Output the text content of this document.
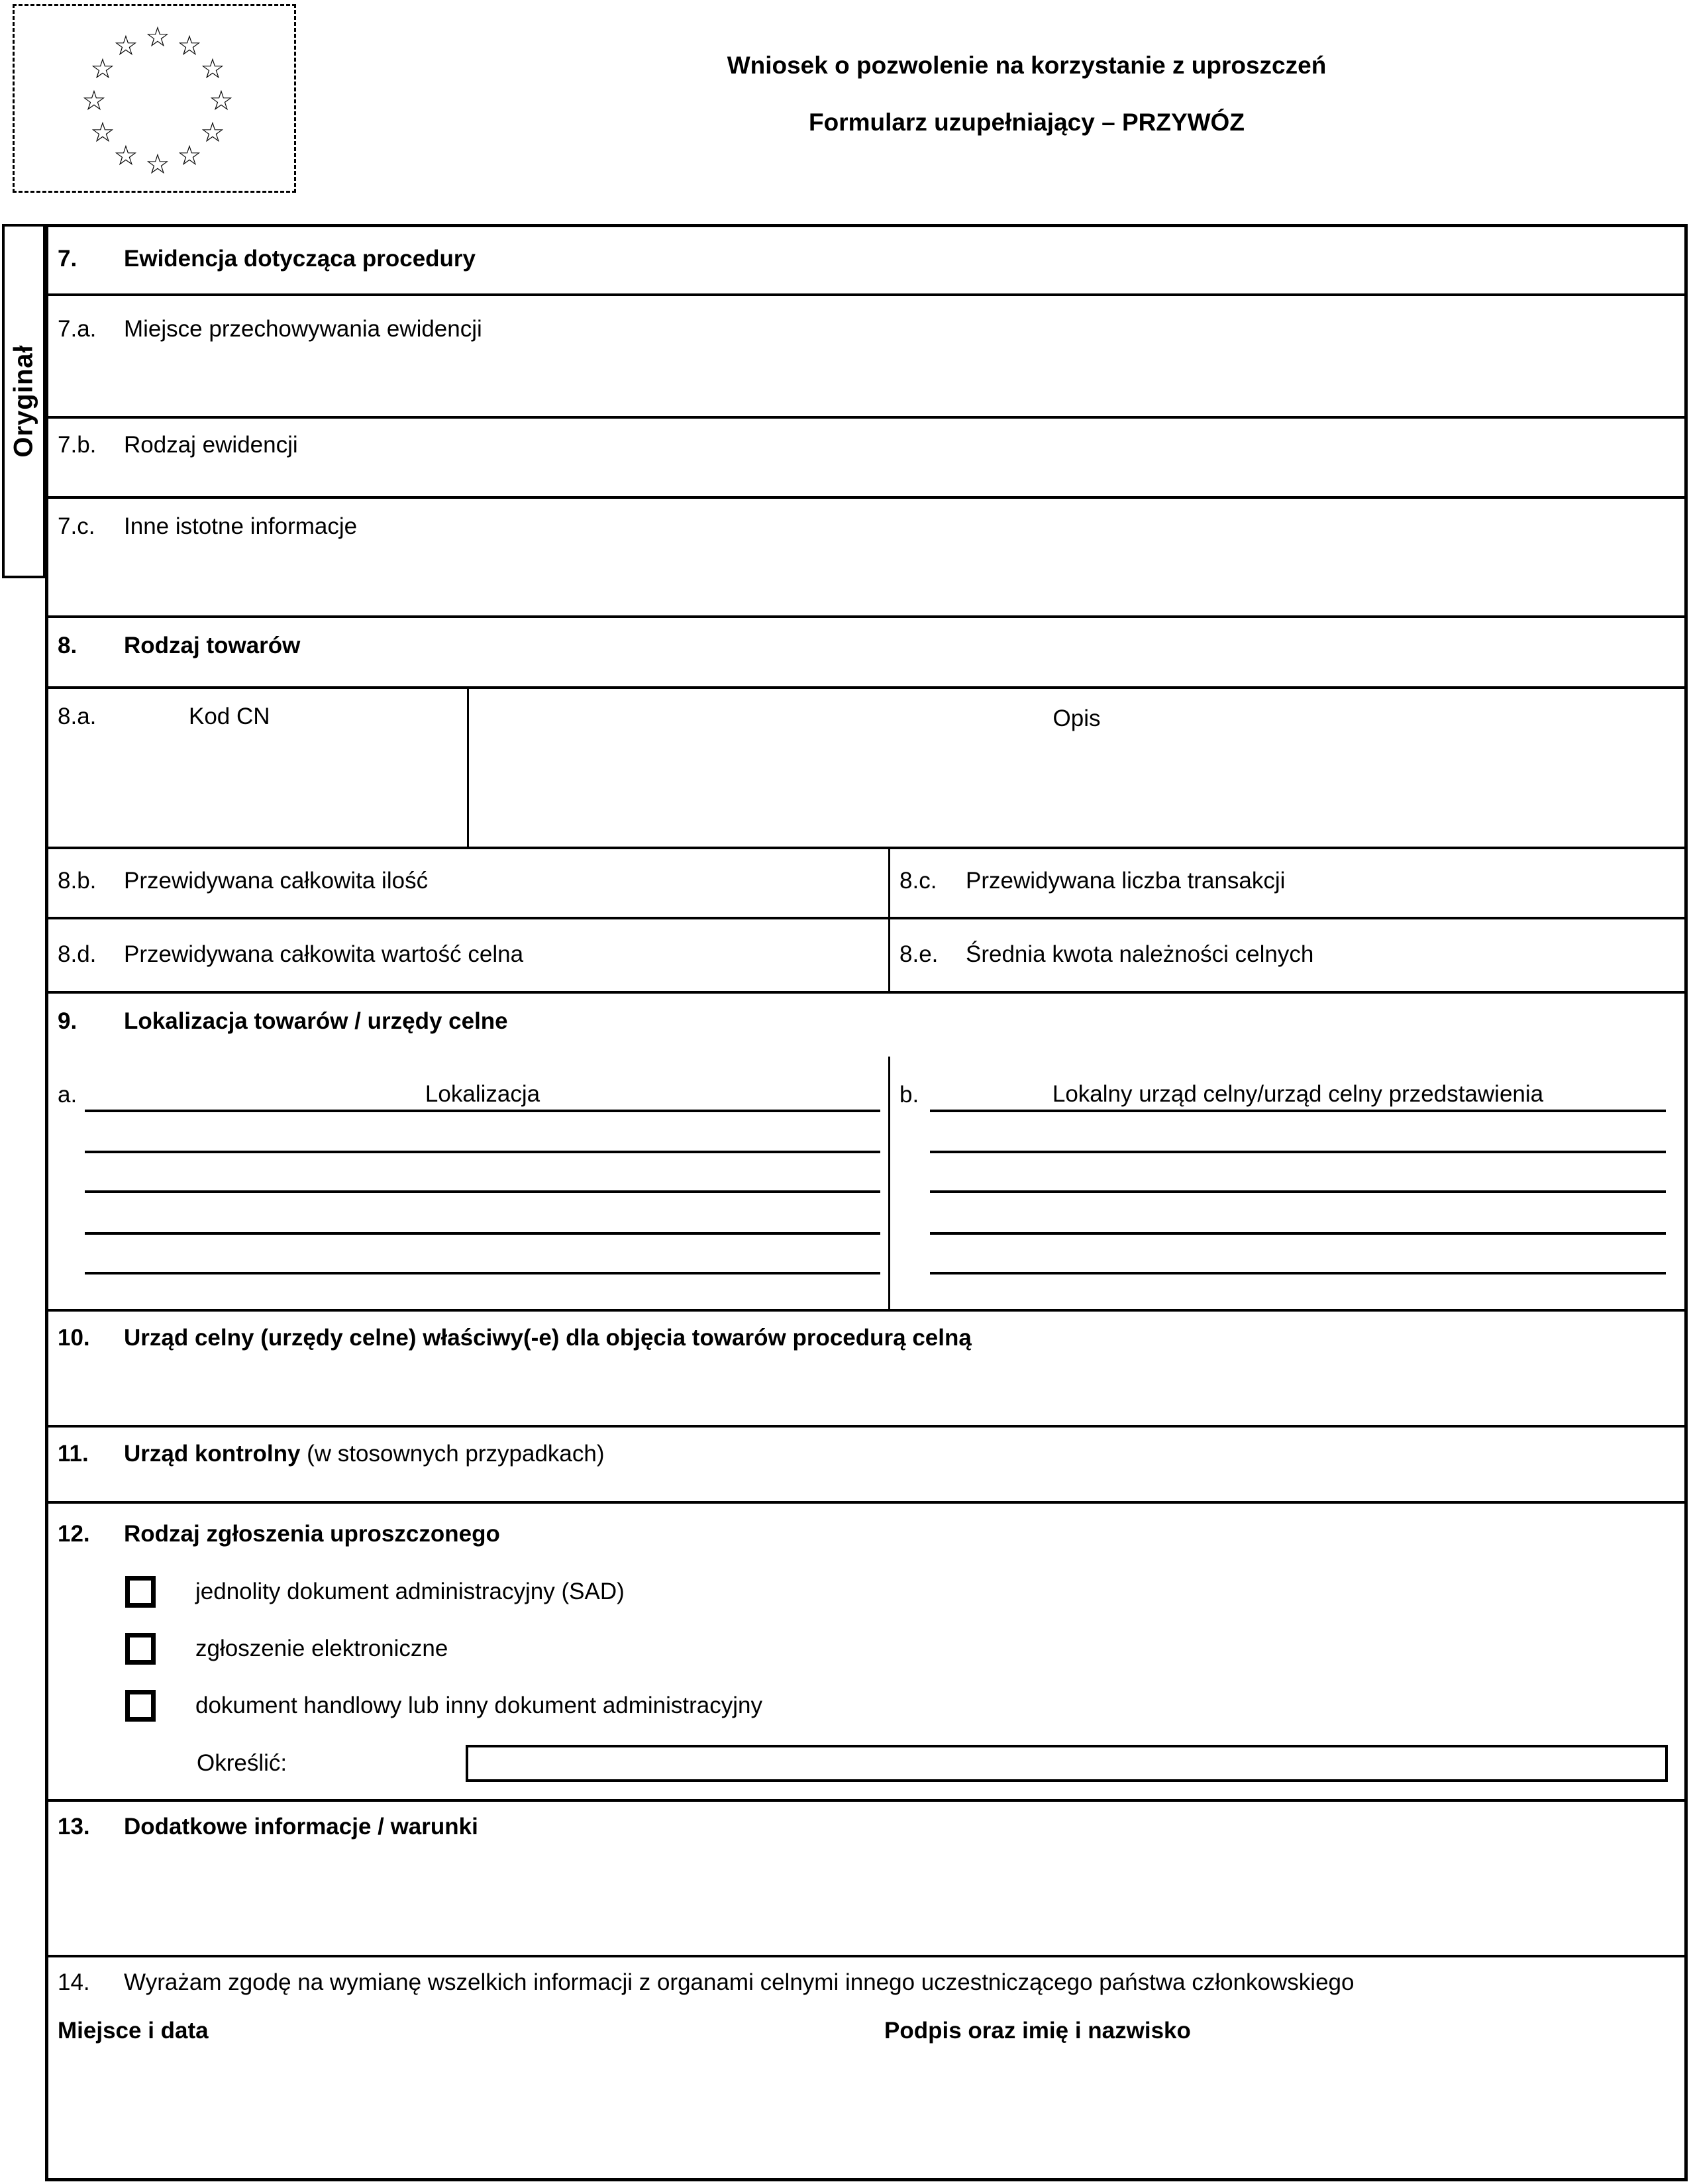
☆ ☆
☆
☆
☆
☆
☆
☆
☆
☆
☆
☆
Wniosek o pozwolenie na korzystanie z uproszczeń
Formularz uzupełniający – PRZYWÓZ
Oryginał
7. Ewidencja dotycząca procedury
7.a. Miejsce przechowywania ewidencji
7.b. Rodzaj ewidencji
7.c. Inne istotne informacje
8. Rodzaj towarów
8.a.	Kod CN	Opis
8.b. Przewidywana całkowita ilość	8.c. Przewidywana liczba transakcji
8.d. Przewidywana całkowita wartość celna	8.e. Średnia kwota należności celnych
9. Lokalizacja towarów / urzędy celne
a.	Lokalizacja	b.	Lokalny urząd celny/urząd celny przedstawienia
10. Urząd celny (urzędy celne) właściwy(-e) dla objęcia towarów procedurą celną
11. Urząd kontrolny (w stosownych przypadkach)
12. Rodzaj zgłoszenia uproszczonego
jednolity dokument administracyjny (SAD)
zgłoszenie elektroniczne
dokument handlowy lub inny dokument administracyjny
Określić:
13. Dodatkowe informacje / warunki
14. Wyrażam zgodę na wymianę wszelkich informacji z organami celnymi innego uczestniczącego państwa członkowskiego
Miejsce i data	Podpis oraz imię i nazwisko
